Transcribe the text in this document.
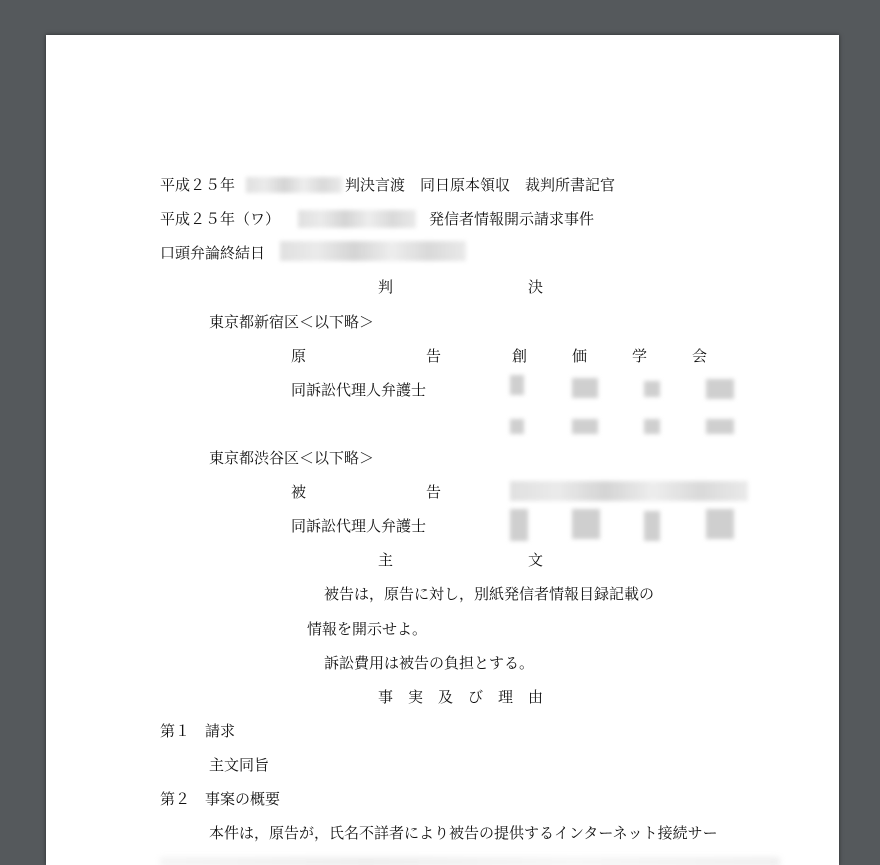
平成２５年	判決言渡　同日原本領収　裁判所書記官
平成２５年（ワ）	発信者情報開示請求事件
口頭弁論終結日
判　　　　　　　　　決
東京都新宿区＜以下略＞
原　　　　　　　　告	創　　　価　　　学　　　会
同訴訟代理人弁護士
東京都渋谷区＜以下略＞
被　　　　　　　　告
同訴訟代理人弁護士
主　　　　　　　　　文
被告は，原告に対し，別紙発信者情報目録記載の
情報を開示せよ。
訴訟費用は被告の負担とする。
事　実　及　び　理　由
第１　請求
主文同旨
第２　事案の概要
本件は，原告が，氏名不詳者により被告の提供するインターネット接続サー
